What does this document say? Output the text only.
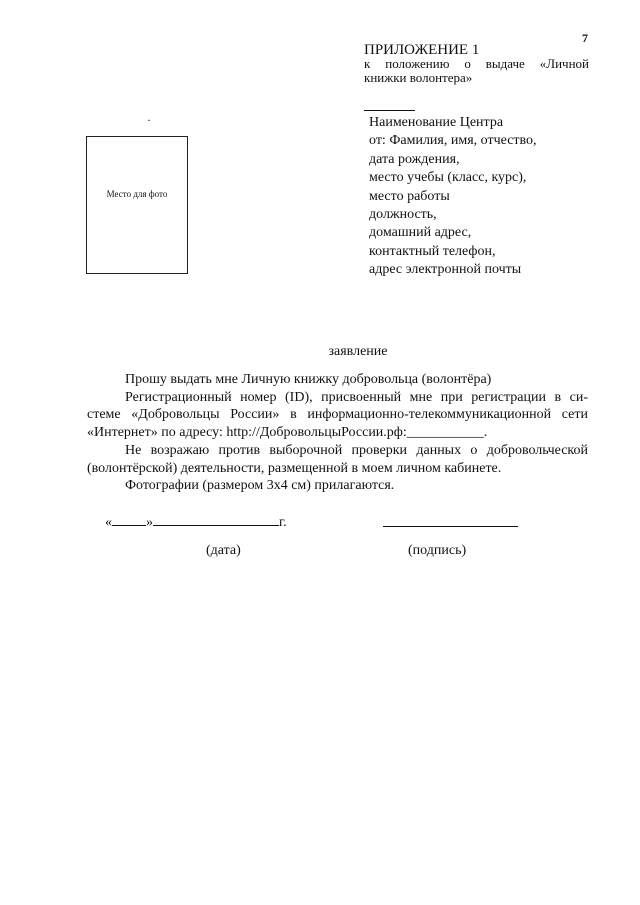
7
ПРИЛОЖЕНИЕ 1
к положению о выдаче «Личной
книжки волонтера»
·
Место для фото
Наименование Центра
от: Фамилия, имя, отчество,
дата рождения,
место учебы (класс, курс),
место работы
должность,
домашний адрес,
контактный телефон,
адрес электронной почты
заявление
Прошу выдать мне Личную книжку добровольца (волонтёра)
Регистрационный номер (ID), присвоенный мне при регистрации в си-
стеме «Добровольцы России» в информационно-телекоммуникационной сети
«Интернет» по адресу: http://ДобровольцыРоссии.рф:___________.
Не возражаю против выборочной проверки данных о добровольческой
(волонтёрской) деятельности, размещенной в моем личном кабинете.
Фотографии (размером 3х4 см) прилагаются.
« »	г.
(дата)	(подпись)
